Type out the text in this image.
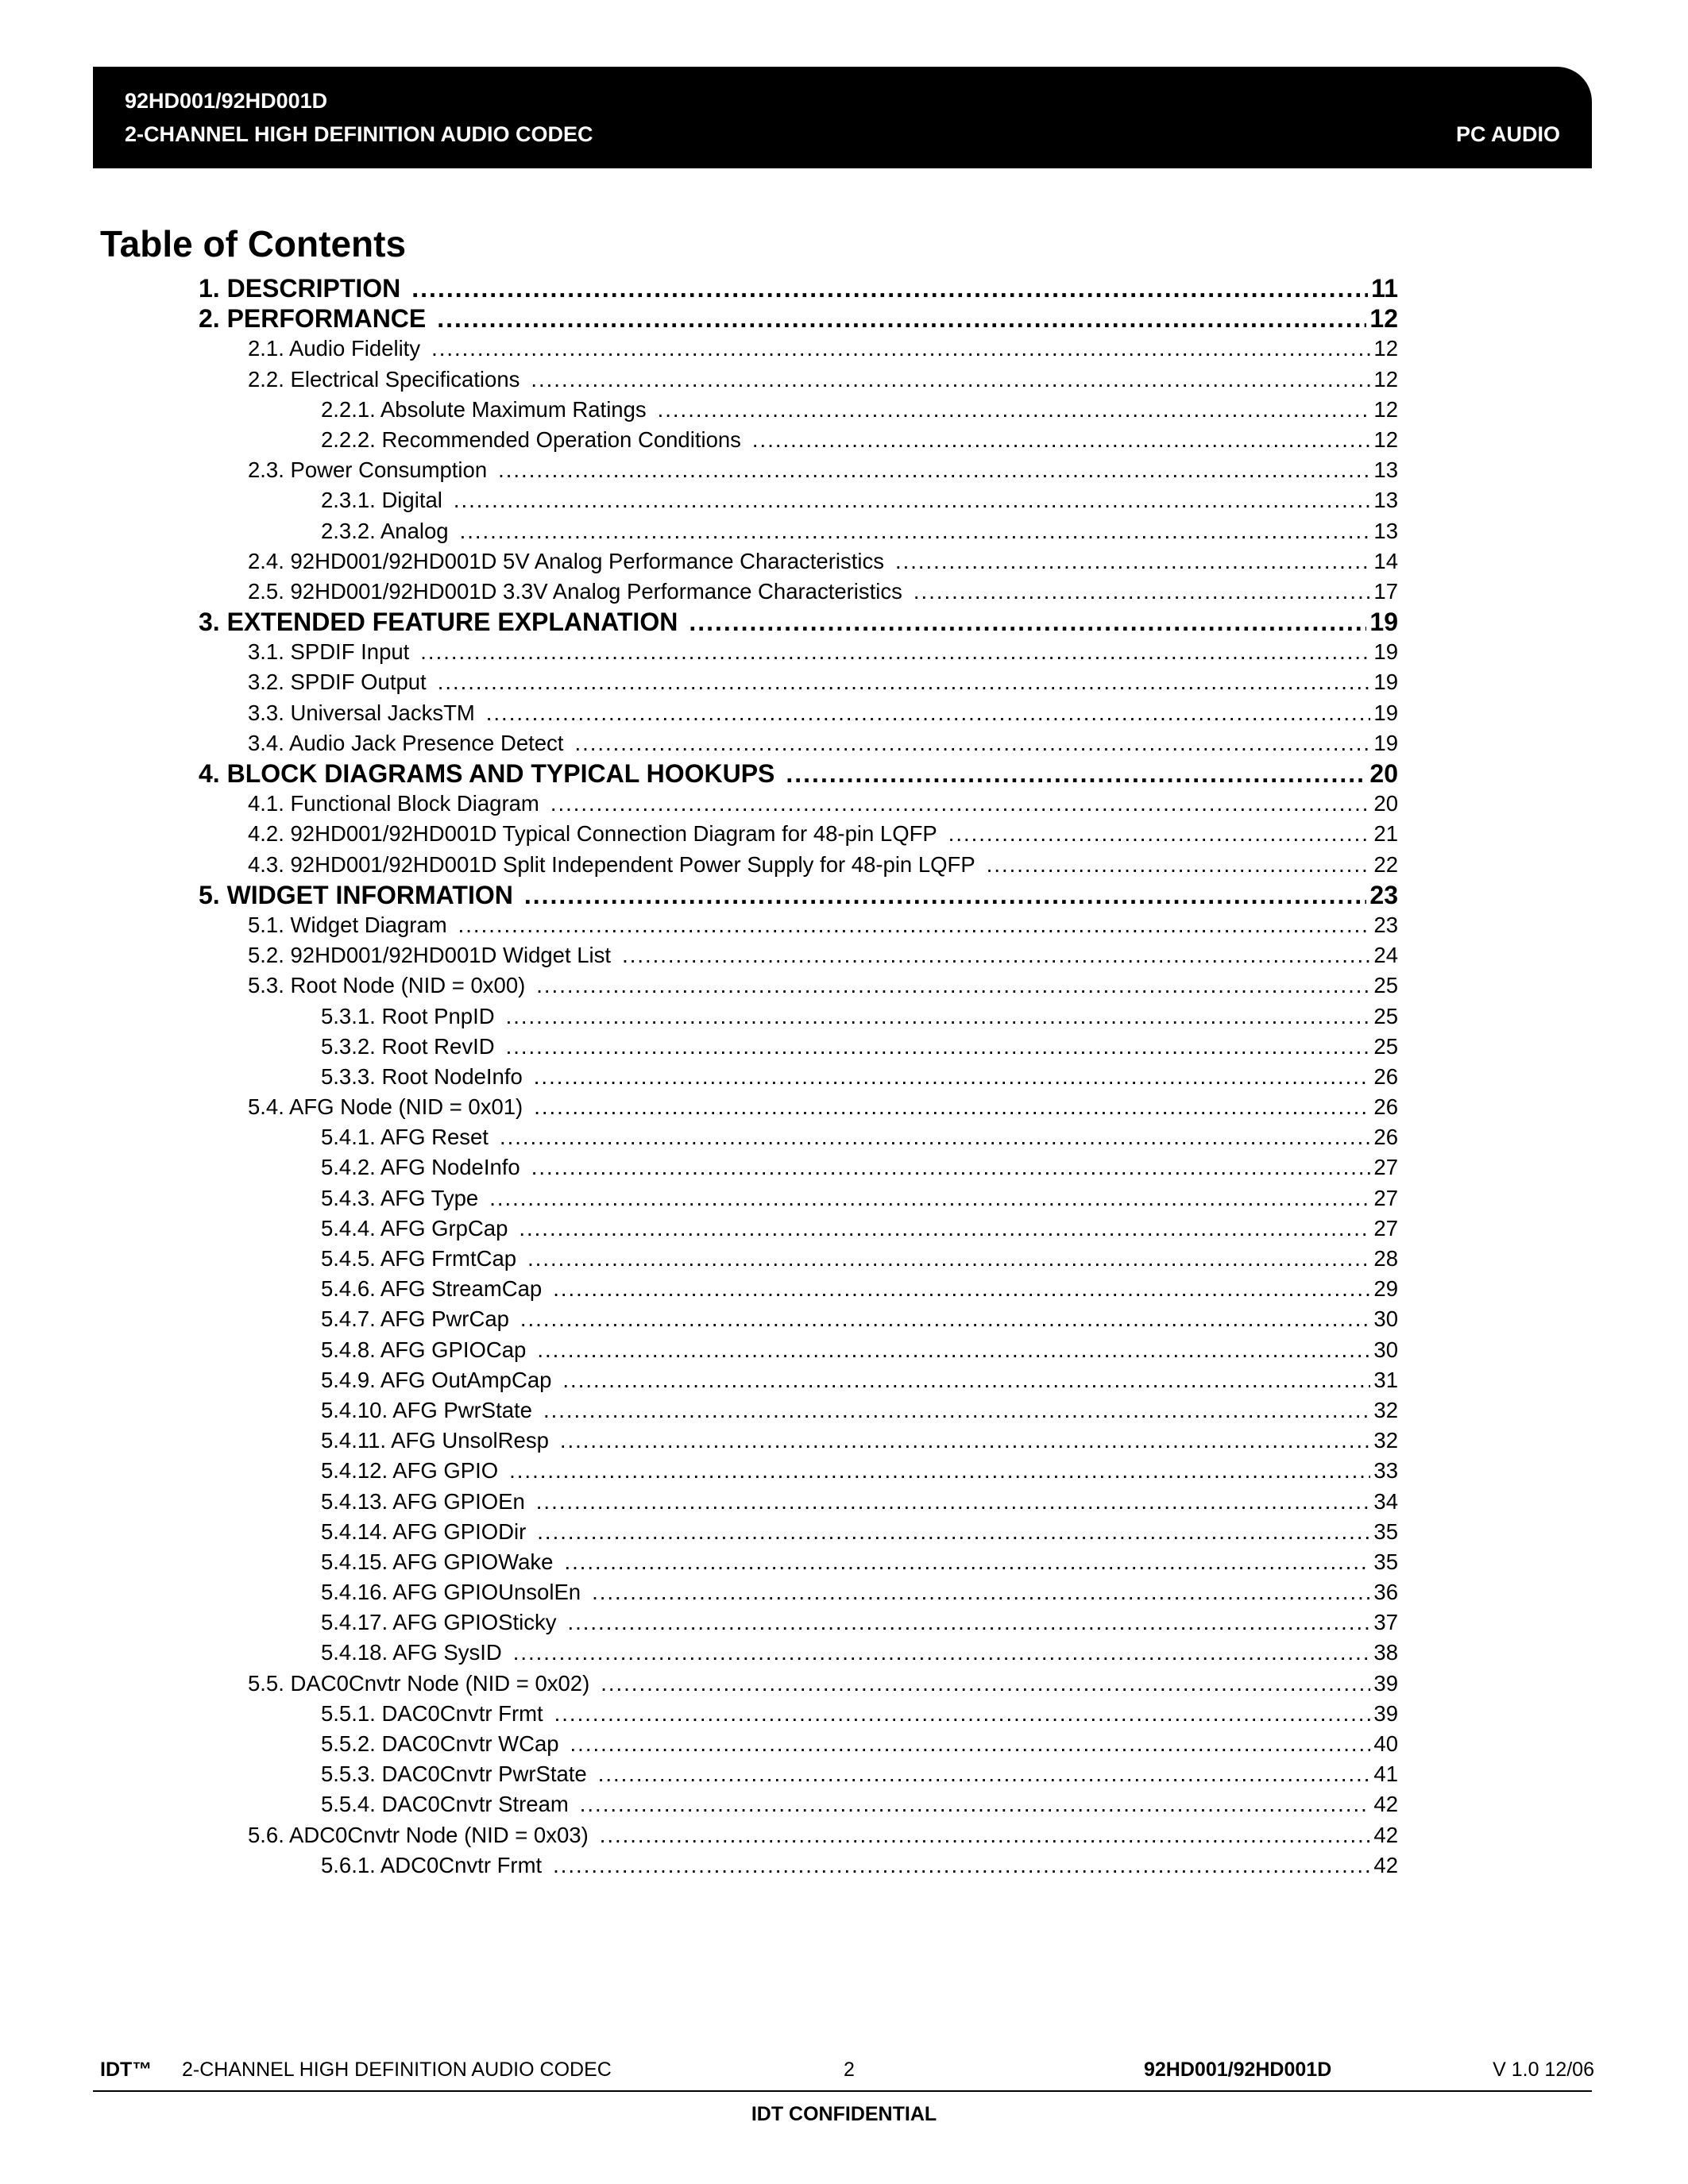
92HD001/92HD001D
2-CHANNEL HIGH DEFINITION AUDIO CODEC	PC AUDIO
Table of Contents
1. DESCRIPTION .....	11
2. PERFORMANCE .....	12
2.1. Audio Fidelity .....	12
2.2. Electrical Specifications .....	12
2.2.1. Absolute Maximum Ratings .....	12
2.2.2. Recommended Operation Conditions .....	12
2.3. Power Consumption .....	13
2.3.1. Digital .....	13
2.3.2. Analog .....	13
2.4. 92HD001/92HD001D 5V Analog Performance Characteristics .....	14
2.5. 92HD001/92HD001D 3.3V Analog Performance Characteristics .....	17
3. EXTENDED FEATURE EXPLANATION .....	19
3.1. SPDIF Input .....	19
3.2. SPDIF Output .....	19
3.3. Universal JacksTM .....	19
3.4. Audio Jack Presence Detect .....	19
4. BLOCK DIAGRAMS AND TYPICAL HOOKUPS .....	20
4.1. Functional Block Diagram .....	20
4.2. 92HD001/92HD001D Typical Connection Diagram for 48-pin LQFP .....	21
4.3. 92HD001/92HD001D Split Independent Power Supply for 48-pin LQFP .....	22
5. WIDGET INFORMATION .....	23
5.1. Widget Diagram .....	23
5.2. 92HD001/92HD001D Widget List .....	24
5.3. Root Node (NID = 0x00) .....	25
5.3.1. Root PnpID .....	25
5.3.2. Root RevID .....	25
5.3.3. Root NodeInfo .....	26
5.4. AFG Node (NID = 0x01) .....	26
5.4.1. AFG Reset .....	26
5.4.2. AFG NodeInfo .....	27
5.4.3. AFG Type .....	27
5.4.4. AFG GrpCap .....	27
5.4.5. AFG FrmtCap .....	28
5.4.6. AFG StreamCap .....	29
5.4.7. AFG PwrCap .....	30
5.4.8. AFG GPIOCap .....	30
5.4.9. AFG OutAmpCap .....	31
5.4.10. AFG PwrState .....	32
5.4.11. AFG UnsolResp .....	32
5.4.12. AFG GPIO .....	33
5.4.13. AFG GPIOEn .....	34
5.4.14. AFG GPIODir .....	35
5.4.15. AFG GPIOWake .....	35
5.4.16. AFG GPIOUnsolEn .....	36
5.4.17. AFG GPIOSticky .....	37
5.4.18. AFG SysID .....	38
5.5. DAC0Cnvtr Node (NID = 0x02) .....	39
5.5.1. DAC0Cnvtr Frmt .....	39
5.5.2. DAC0Cnvtr WCap .....	40
5.5.3. DAC0Cnvtr PwrState .....	41
5.5.4. DAC0Cnvtr Stream .....	42
5.6. ADC0Cnvtr Node (NID = 0x03) .....	42
5.6.1. ADC0Cnvtr Frmt .....	42
IDT™ 2-CHANNEL HIGH DEFINITION AUDIO CODEC	2	92HD001/92HD001D	V 1.0 12/06
IDT CONFIDENTIAL
